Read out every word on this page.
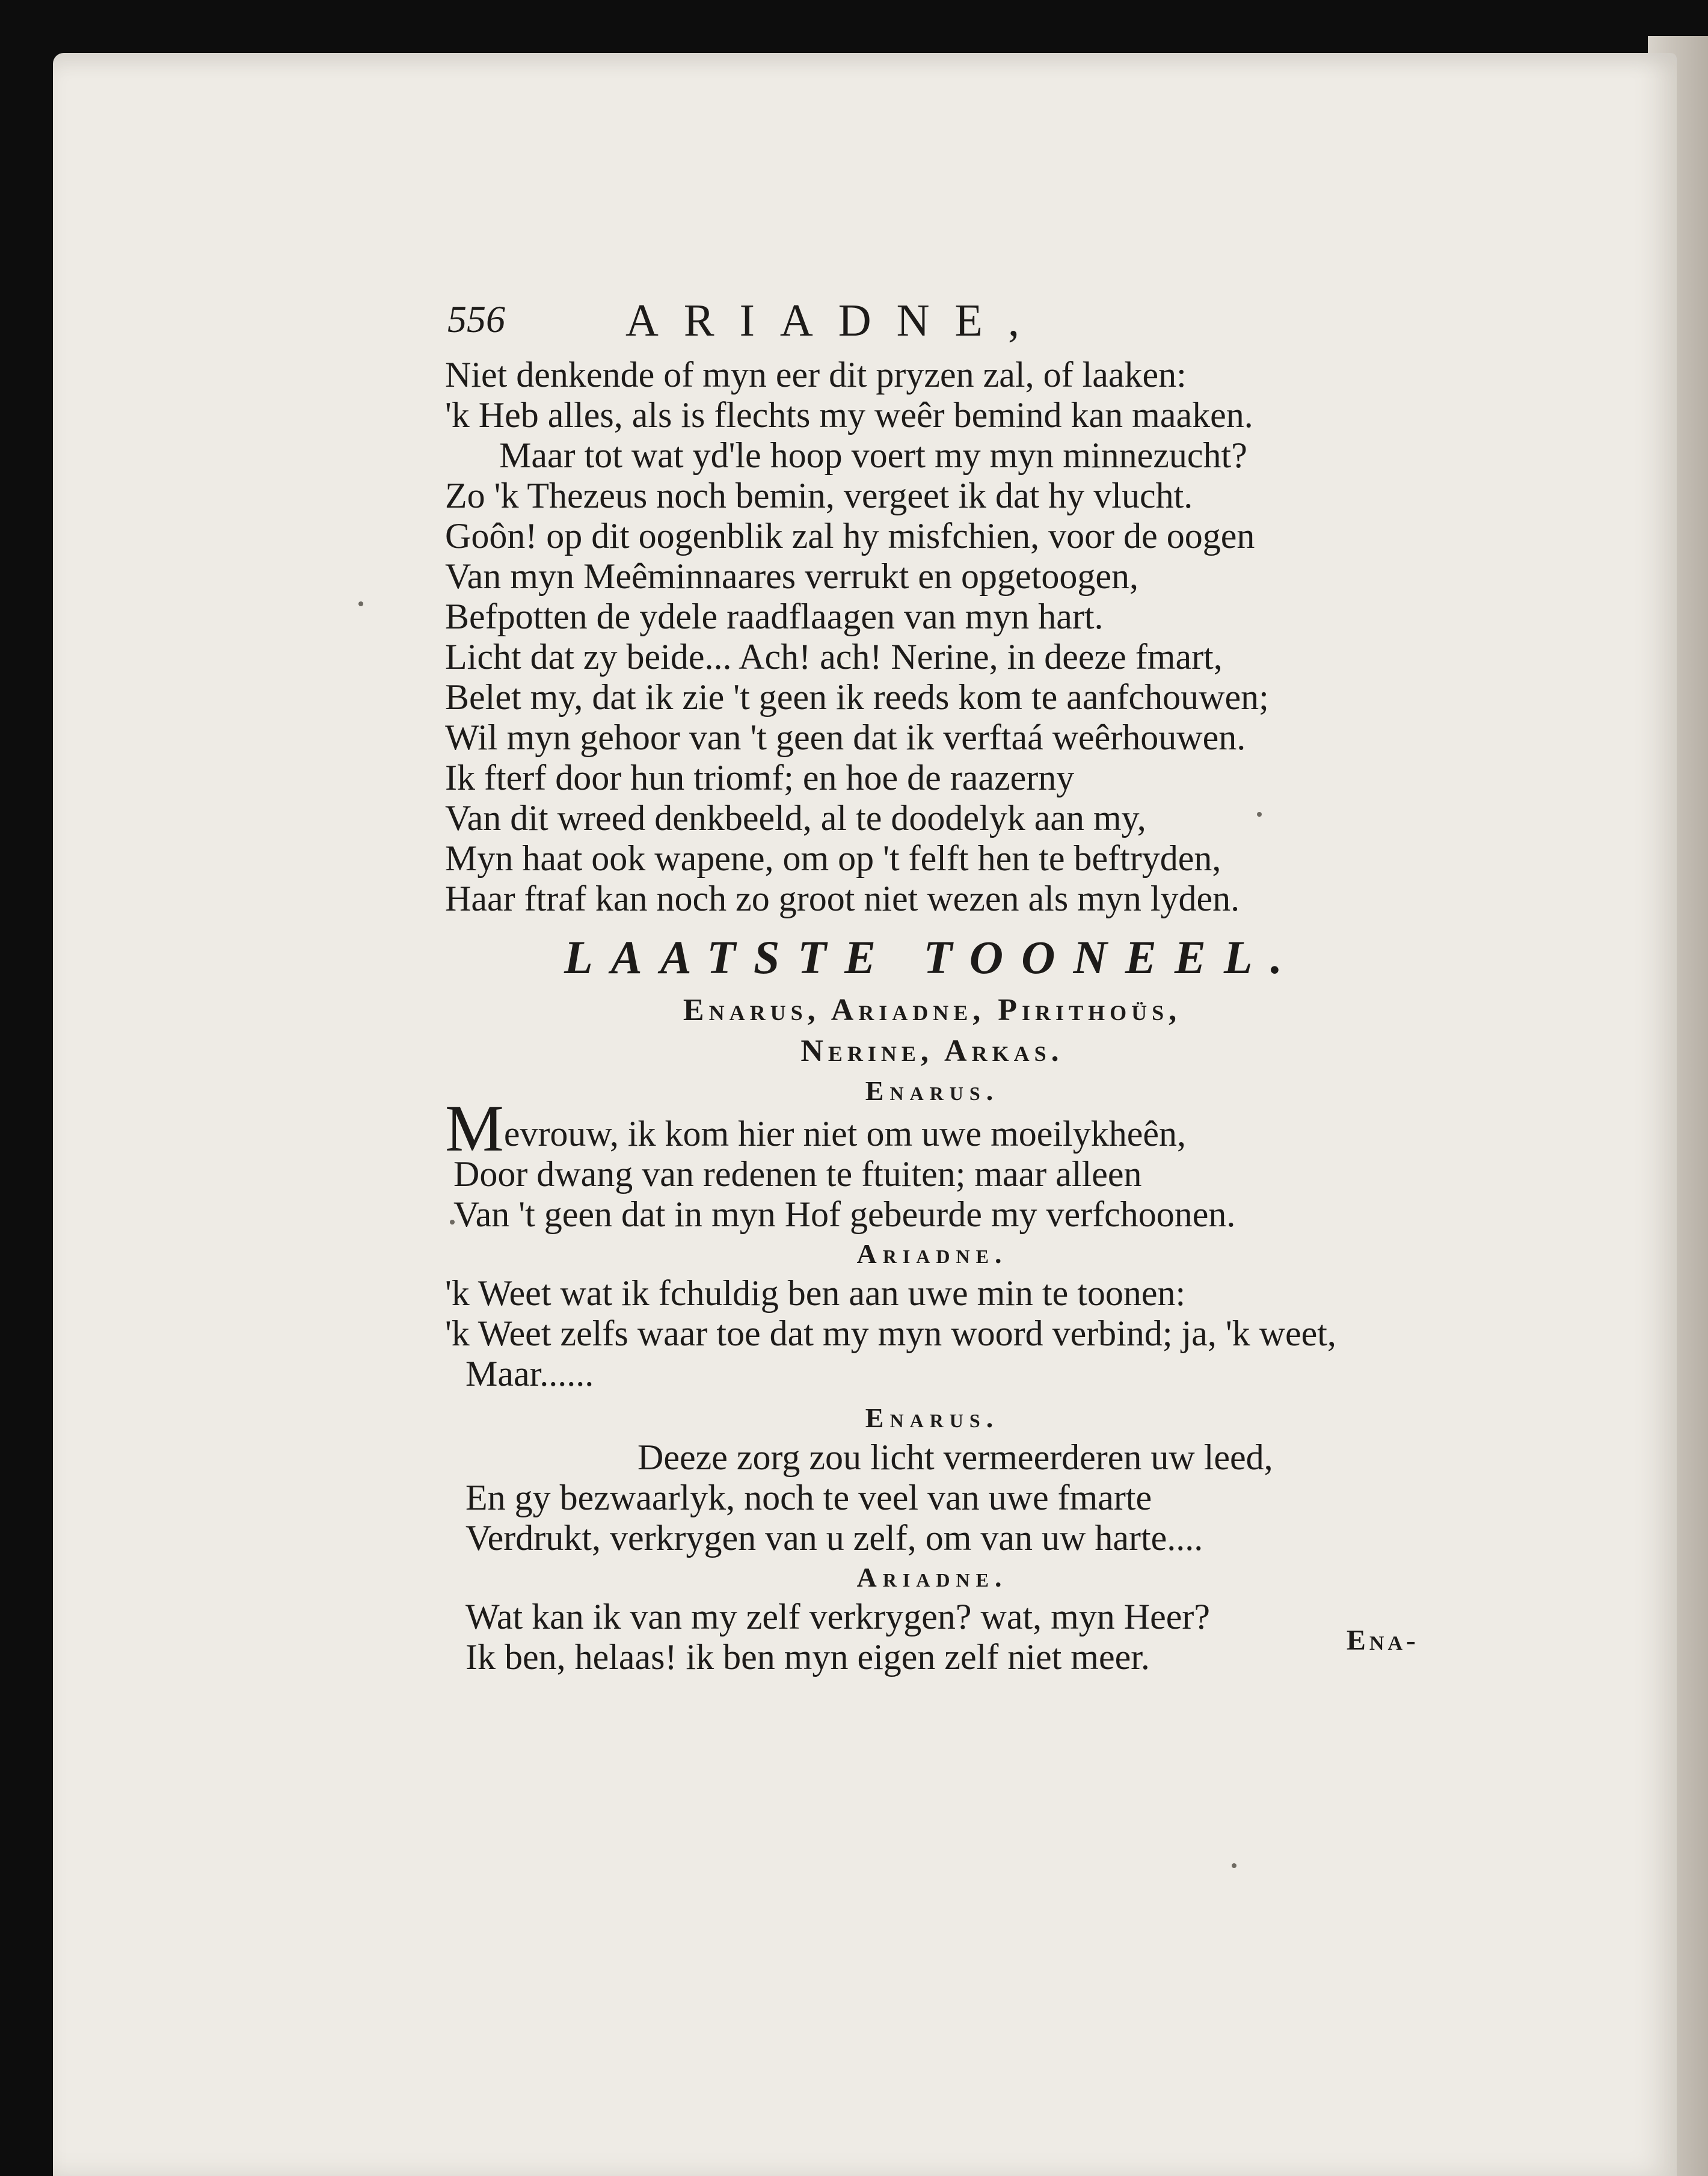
556	ARIADNE,
Niet denkende of myn eer dit pryzen zal, of laaken:
'k Heb alles, als is flechts my weêr bemind kan maaken.
Maar tot wat yd'le hoop voert my myn minnezucht?
Zo 'k Thezeus noch bemin, vergeet ik dat hy vlucht.
Goôn! op dit oogenblik zal hy misfchien, voor de oogen
Van myn Meêminnaares verrukt en opgetoogen,
Befpotten de ydele raadflaagen van myn hart.
Licht dat zy beide... Ach! ach! Nerine, in deeze fmart,
Belet my, dat ik zie 't geen ik reeds kom te aanfchouwen;
Wil myn gehoor van 't geen dat ik verftaá weêrhouwen.
Ik fterf door hun triomf; en hoe de raazerny
Van dit wreed denkbeeld, al te doodelyk aan my,
Myn haat ook wapene, om op 't felft hen te beftryden,
Haar ftraf kan noch zo groot niet wezen als myn lyden.
LAATSTE TOONEEL.
Enarus, Ariadne, Pirithoüs,
Nerine, Arkas.
Enarus.
Mevrouw, ik kom hier niet om uwe moeilykheên,
Door dwang van redenen te ftuiten; maar alleen
Van 't geen dat in myn Hof gebeurde my verfchoonen.
Ariadne.
'k Weet wat ik fchuldig ben aan uwe min te toonen:
'k Weet zelfs waar toe dat my myn woord verbind; ja, 'k weet,
Maar......
Enarus.
Deeze zorg zou licht vermeerderen uw leed,
En gy bezwaarlyk, noch te veel van uwe fmarte
Verdrukt, verkrygen van u zelf, om van uw harte....
Ariadne.
Wat kan ik van my zelf verkrygen? wat, myn Heer?
Ik ben, helaas! ik ben myn eigen zelf niet meer.	Ena-
